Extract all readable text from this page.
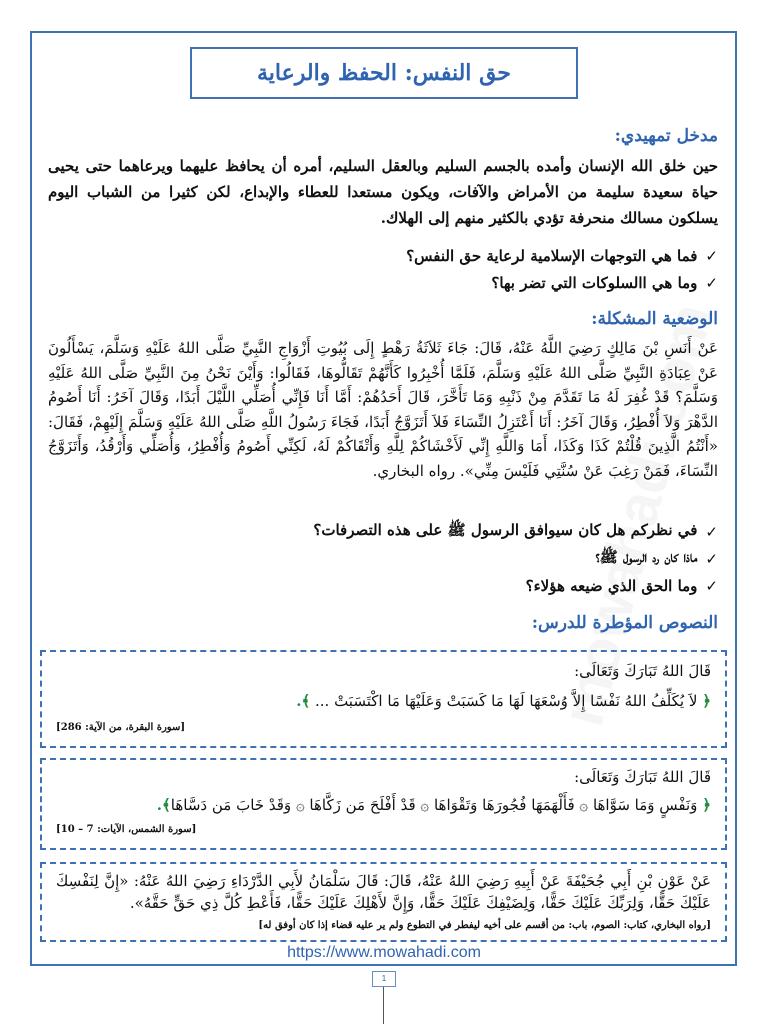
حق النفس: الحفظ والرعاية
مدخل تمهيدي:
حين خلق الله الإنسان وأمده بالجسم السليم وبالعقل السليم، أمره أن يحافظ عليهما ويرعاهما حتى يحيى حياة سعيدة سليمة من الأمراض والآفات، ويكون مستعدا للعطاء والإبداع، لكن كثيرا من الشباب اليوم يسلكون مسالك منحرفة تؤدي بالكثير منهم إلى الهلاك.
✓
فما هي التوجهات الإسلامية لرعاية حق النفس؟
✓
وما هي االسلوكات التي تضر بها؟
الوضعية المشكلة:
عَنْ أَنَسِ بْنَ مَالِكٍ رَضِيَ اللَّهُ عَنْهُ، قَالَ: جَاءَ ثَلاَثَةُ رَهْطٍ إِلَى بُيُوتِ أَزْوَاجِ النَّبِيِّ صَلَّى اللهُ عَلَيْهِ وَسَلَّمَ، يَسْأَلُونَ عَنْ عِبَادَةِ النَّبِيِّ صَلَّى اللهُ عَلَيْهِ وَسَلَّمَ، فَلَمَّا أُخْبِرُوا كَأَنَّهُمْ تَقَالُّوهَا، فَقَالُوا: وَأَيْنَ نَحْنُ مِنَ النَّبِيِّ صَلَّى اللهُ عَلَيْهِ وَسَلَّمَ؟ قَدْ غُفِرَ لَهُ مَا تَقَدَّمَ مِنْ ذَنْبِهِ وَمَا تَأَخَّرَ، قَالَ أَحَدُهُمْ: أَمَّا أَنَا فَإِنِّي أُصَلِّي اللَّيْلَ أَبَدًا، وَقَالَ آخَرُ: أَنَا أَصُومُ الدَّهْرَ وَلاَ أُفْطِرُ، وَقَالَ آخَرُ: أَنَا أَعْتَزِلُ النِّسَاءَ فَلاَ أَتَزَوَّجُ أَبَدًا، فَجَاءَ رَسُولُ اللَّهِ صَلَّى اللهُ عَلَيْهِ وَسَلَّمَ إِلَيْهِمْ، فَقَالَ: «أَنْتُمُ الَّذِينَ قُلْتُمْ كَذَا وَكَذَا، أَمَا وَاللَّهِ إِنِّي لَأَخْشَاكُمْ لِلَّهِ وَأَتْقَاكُمْ لَهُ، لَكِنِّي أَصُومُ وَأُفْطِرُ، وَأُصَلِّي وَأَرْقُدُ، وَأَتَزَوَّجُ النِّسَاءَ، فَمَنْ رَغِبَ عَنْ سُنَّتِي فَلَيْسَ مِنِّي». رواه البخاري.
✓
في نظركم هل كان سيوافق الرسول ﷺ على هذه التصرفات؟
✓
ماذا كان رد الرسول ﷺ؟
✓
وما الحق الذي ضيعه هؤلاء؟
النصوص المؤطرة للدرس:
قَالَ اللهُ تَبَارَكَ وَتَعَالَى:
﴿ لاَ يُكَلِّفُ اللهُ نَفْسًا إِلاَّ وُسْعَهَا لَهَا مَا كَسَبَتْ وَعَلَيْهَا مَا اكْتَسَبَتْ ... ﴾.
[سورة البقرة، من الآية: 286]
قَالَ اللهُ تَبَارَكَ وَتَعَالَى:
﴿ وَنَفْسٍ وَمَا سَوَّاهَا ۞ فَأَلْهَمَهَا فُجُورَهَا وَتَقْوَاهَا ۞ قَدْ أَفْلَحَ مَن زَكَّاهَا ۞ وَقَدْ خَابَ مَن دَسَّاهَا﴾.
[سورة الشمس، الآيات: 7 – 10]
عَنْ عَوْنِ بْنِ أَبِي جُحَيْفَةَ عَنْ أَبِيهِ رَضِيَ اللهُ عَنْهُ، قَالَ: قَالَ سَلْمَانُ لأَبِي الدَّرْدَاءِ رَضِيَ اللهُ عَنْهُ: «إِنَّ لِنَفْسِكَ عَلَيْكَ حَقًّا، وَلِرَبِّكَ عَلَيْكَ حَقًّا، وَلِضَيْفِكَ عَلَيْكَ حَقًّا، وَإِنَّ لأَهْلِكَ عَلَيْكَ حَقًّا، فَأَعْطِ كُلَّ ذِي حَقٍّ حَقَّهُ».
[رواه البخاري، كتاب: الصوم، باب: من أقسم على أخيه ليفطر في التطوع ولم ير عليه قضاء إذا كان أوفق له]
https://www.mowahadi.com
1
